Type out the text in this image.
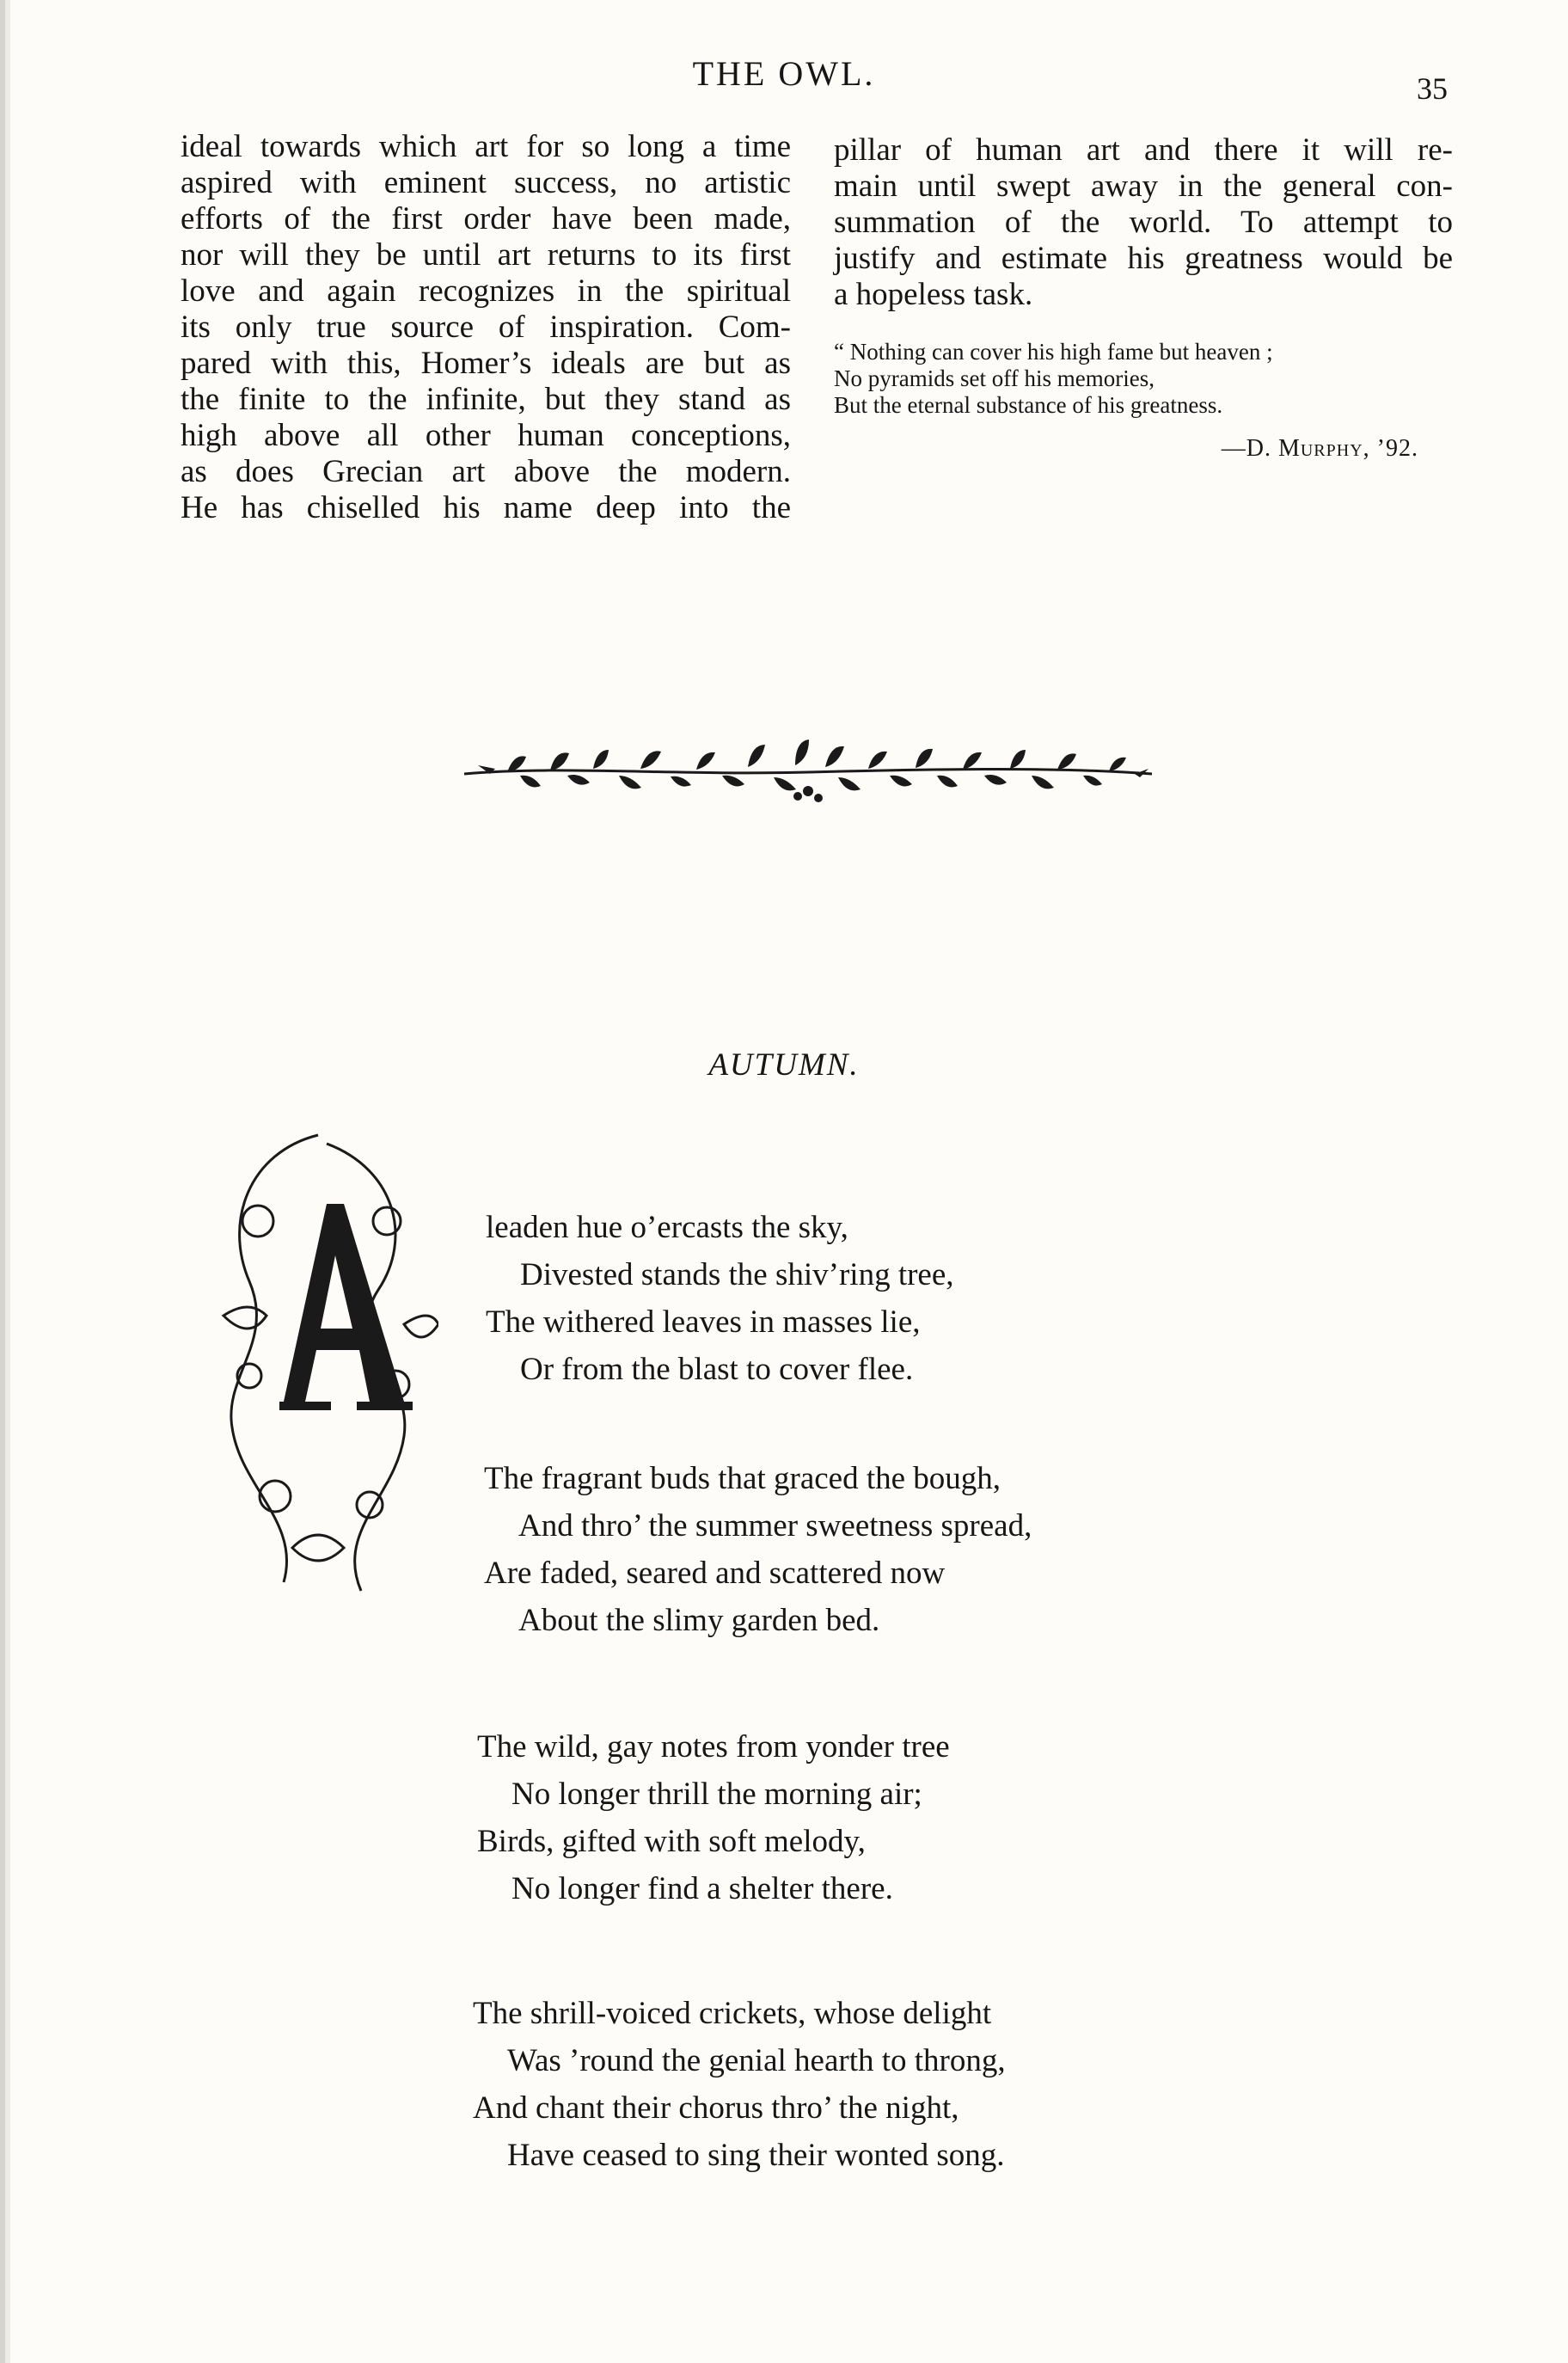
THE OWL.	35
ideal towards which art for so long a time
aspired with eminent success, no artistic
efforts of the first order have been made,
nor will they be until art returns to its first
love and again recognizes in the spiritual
its only true source of inspiration. Com-
pared with this, Homer’s ideals are but as
the finite to the infinite, but they stand as
high above all other human conceptions,
as does Grecian art above the modern.
He has chiselled his name deep into the
pillar of human art and there it will re-
main until swept away in the general con-
summation of the world. To attempt to
justify and estimate his greatness would be
a hopeless task.
“ Nothing can cover his high fame but heaven ;
No pyramids set off his memories,
But the eternal substance of his greatness.
—D. Murphy, ’92.
AUTUMN.
leaden hue o’ercasts the sky,
Divested stands the shiv’ring tree,
The withered leaves in masses lie,
Or from the blast to cover flee.
The fragrant buds that graced the bough,
And thro’ the summer sweetness spread,
Are faded, seared and scattered now
About the slimy garden bed.
The wild, gay notes from yonder tree
No longer thrill the morning air;
Birds, gifted with soft melody,
No longer find a shelter there.
The shrill-voiced crickets, whose delight
Was ’round the genial hearth to throng,
And chant their chorus thro’ the night,
Have ceased to sing their wonted song.
